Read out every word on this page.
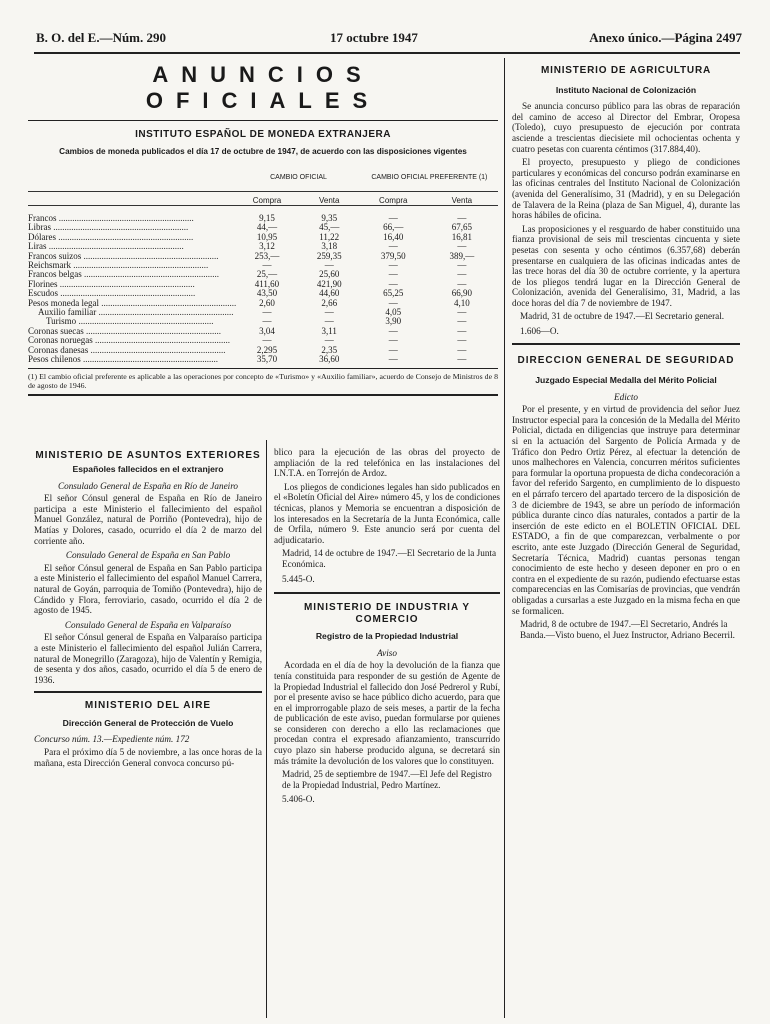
B. O. del E.—Núm. 290	17 octubre 1947	Anexo único.—Página 2497
ANUNCIOS OFICIALES
INSTITUTO ESPAÑOL DE MONEDA EXTRANJERA
Cambios de moneda publicados el día 17 de octubre de 1947, de acuerdo con las disposiciones vigentes
	CAMBIO OFICIAL		CAMBIO OFICIAL PREFERENTE (1)	

	Compra	Venta	Compra	Venta

Francos ............................................................	9,15	9,35	—	—
Libras ............................................................	44,—	45,—	66,—	67,65
Dólares ............................................................	10,95	11,22	16,40	16,81
Liras ............................................................	3,12	3,18	—	—
Francos suizos ............................................................	253,—	259,35	379,50	389,—
Reichsmark ............................................................	—	—	—	—
Francos belgas ............................................................	25,—	25,60	—	—
Florines ............................................................	411,60	421,90	—	—
Escudos ............................................................	43,50	44,60	65,25	66,90
Pesos moneda legal ............................................................	2,60	2,66	—	4,10
Auxilio familiar ............................................................	—	—	4,05	—
Turismo ............................................................	—	—	3,90	—
Coronas suecas ............................................................	3,04	3,11	—	—
Coronas noruegas ............................................................	—	—	—	—
Coronas danesas ............................................................	2,295	2,35	—	—
Pesos chilenos ............................................................	35,70	36,60	—	—
(1) El cambio oficial preferente es aplicable a las operaciones por concepto de «Turismo» y «Auxilio familiar», acuerdo de Consejo de Ministros de 8 de agosto de 1946.
MINISTERIO DE ASUNTOS EXTERIORES
Españoles fallecidos en el extranjero
Consulado General de España en Río de Janeiro

El señor Cónsul general de España en Río de Janeiro participa a este Ministerio el fallecimiento del español Manuel González, natural de Porriño (Pontevedra), hijo de Matías y Dolores, casado, ocurrido el día 2 de marzo del corriente año.

Consulado General de España en San Pablo

El señor Cónsul general de España en San Pablo participa a este Ministerio el fallecimiento del español Manuel Carrera, natural de Goyán, parroquia de Tomiño (Pontevedra), hijo de Cándido y Flora, ferroviario, casado, ocurrido el día 2 de agosto de 1945.

Consulado General de España en Valparaíso

El señor Cónsul general de España en Valparaíso participa a este Ministerio el fallecimiento del español Julián Carrera, natural de Monegrillo (Zaragoza), hijo de Valentín y Remigia, de sesenta y dos años, casado, ocurrido el día 5 de enero de 1936.

MINISTERIO DEL AIRE
Dirección General de Protección de Vuelo
Concurso núm. 13.—Expediente núm. 172

Para el próximo día 5 de noviembre, a las once horas de la mañana, esta Dirección General convoca concurso pú-

blico para la ejecución de las obras del proyecto de ampliación de la red telefónica en las instalaciones del I.N.T.A. en Torrejón de Ardoz.

Los pliegos de condiciones legales han sido publicados en el «Boletín Oficial del Aire» número 45, y los de condiciones técnicas, planos y Memoria se encuentran a disposición de los interesados en la Secretaría de la Junta Económica, calle de Orfila, número 9. Este anuncio será por cuenta del adjudicatario.

Madrid, 14 de octubre de 1947.—El Secretario de la Junta Económica.
5.445-O.
MINISTERIO DE INDUSTRIA Y COMERCIO
Registro de la Propiedad Industrial
Aviso

Acordada en el día de hoy la devolución de la fianza que tenía constituida para responder de su gestión de Agente de la Propiedad Industrial el fallecido don José Pedrerol y Rubí, por el presente aviso se hace público dicho acuerdo, para que en el improrrogable plazo de seis meses, a partir de la fecha de publicación de este aviso, puedan formularse por quienes se consideren con derecho a ello las reclamaciones que procedan contra el expresado afianzamiento, transcurrido cuyo plazo sin haberse producido alguna, se decretará sin más trámite la devolución de los valores que lo constituyen.

Madrid, 25 de septiembre de 1947.—El Jefe del Registro de la Propiedad Industrial, Pedro Martínez.
5.406-O.
MINISTERIO DE AGRICULTURA
Instituto Nacional de Colonización

Se anuncia concurso público para las obras de reparación del camino de acceso al Director del Embrar, Oropesa (Toledo), cuyo presupuesto de ejecución por contrata asciende a trescientas diecisiete mil ochocientas ochenta y cuatro pesetas con cuarenta céntimos (317.884,40).

El proyecto, presupuesto y pliego de condiciones particulares y económicas del concurso podrán examinarse en las oficinas centrales del Instituto Nacional de Colonización (avenida del Generalísimo, 31 (Madrid), y en su Delegación de Talavera de la Reina (plaza de San Miguel, 4), durante las horas hábiles de oficina.

Las proposiciones y el resguardo de haber constituido una fianza provisional de seis mil trescientas cincuenta y siete pesetas con sesenta y ocho céntimos (6.357,68) deberán presentarse en cualquiera de las oficinas indicadas antes de las trece horas del día 30 de octubre corriente, y la apertura de los pliegos tendrá lugar en la Dirección General de Colonización, avenida del Generalísimo, 31, Madrid, a las doce horas del día 7 de noviembre de 1947.

Madrid, 31 de octubre de 1947.—El Secretario general.
1.606—O.
DIRECCION GENERAL DE SEGURIDAD
Juzgado Especial Medalla del Mérito Policial
Edicto

Por el presente, y en virtud de providencia del señor Juez Instructor especial para la concesión de la Medalla del Mérito Policial, dictada en diligencias que instruye para determinar si en la actuación del Sargento de Policía Armada y de Tráfico don Pedro Ortiz Pérez, al efectuar la detención de unos malhechores en Valencia, concurren méritos suficientes para formular la oportuna propuesta de dicha condecoración a favor del referido Sargento, en cumplimiento de lo dispuesto en el párrafo tercero del apartado tercero de la disposición de 3 de diciembre de 1943, se abre un período de información pública durante cinco días naturales, contados a partir de la inserción de este edicto en el BOLETIN OFICIAL DEL ESTADO, a fin de que comparezcan, verbalmente o por escrito, ante este Juzgado (Dirección General de Seguridad, Secretaría Técnica, Madrid) cuantas personas tengan conocimiento de este hecho y deseen deponer en pro o en contra en el expediente de su razón, pudiendo efectuarse estas comparecencias en las Comisarías de provincias, que vendrán obligadas a cursarlas a este Juzgado en la misma fecha en que se formalicen.

Madrid, 8 de octubre de 1947.—El Secretario, Andrés la Banda.—Visto bueno, el Juez Instructor, Adriano Becerril.
